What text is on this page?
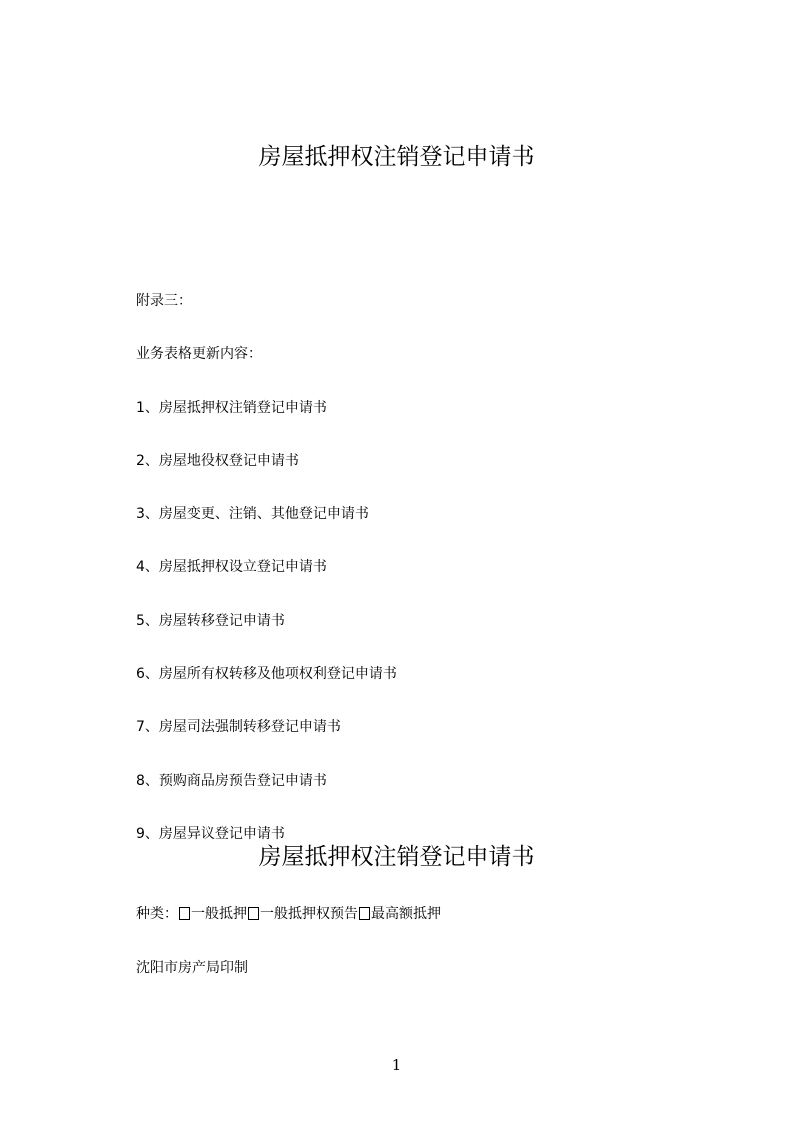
房屋抵押权注销登记申请书
附录三：
业务表格更新内容：
1、房屋抵押权注销登记申请书
2、房屋地役权登记申请书
3、房屋变更、注销、其他登记申请书
4、房屋抵押权设立登记申请书
5、房屋转移登记申请书
6、房屋所有权转移及他项权利登记申请书
7、房屋司法强制转移登记申请书
8、预购商品房预告登记申请书
9、房屋异议登记申请书
房屋抵押权注销登记申请书
种类： 一般抵押 一般抵押权预告 最高额抵押
沈阳市房产局印制
1
